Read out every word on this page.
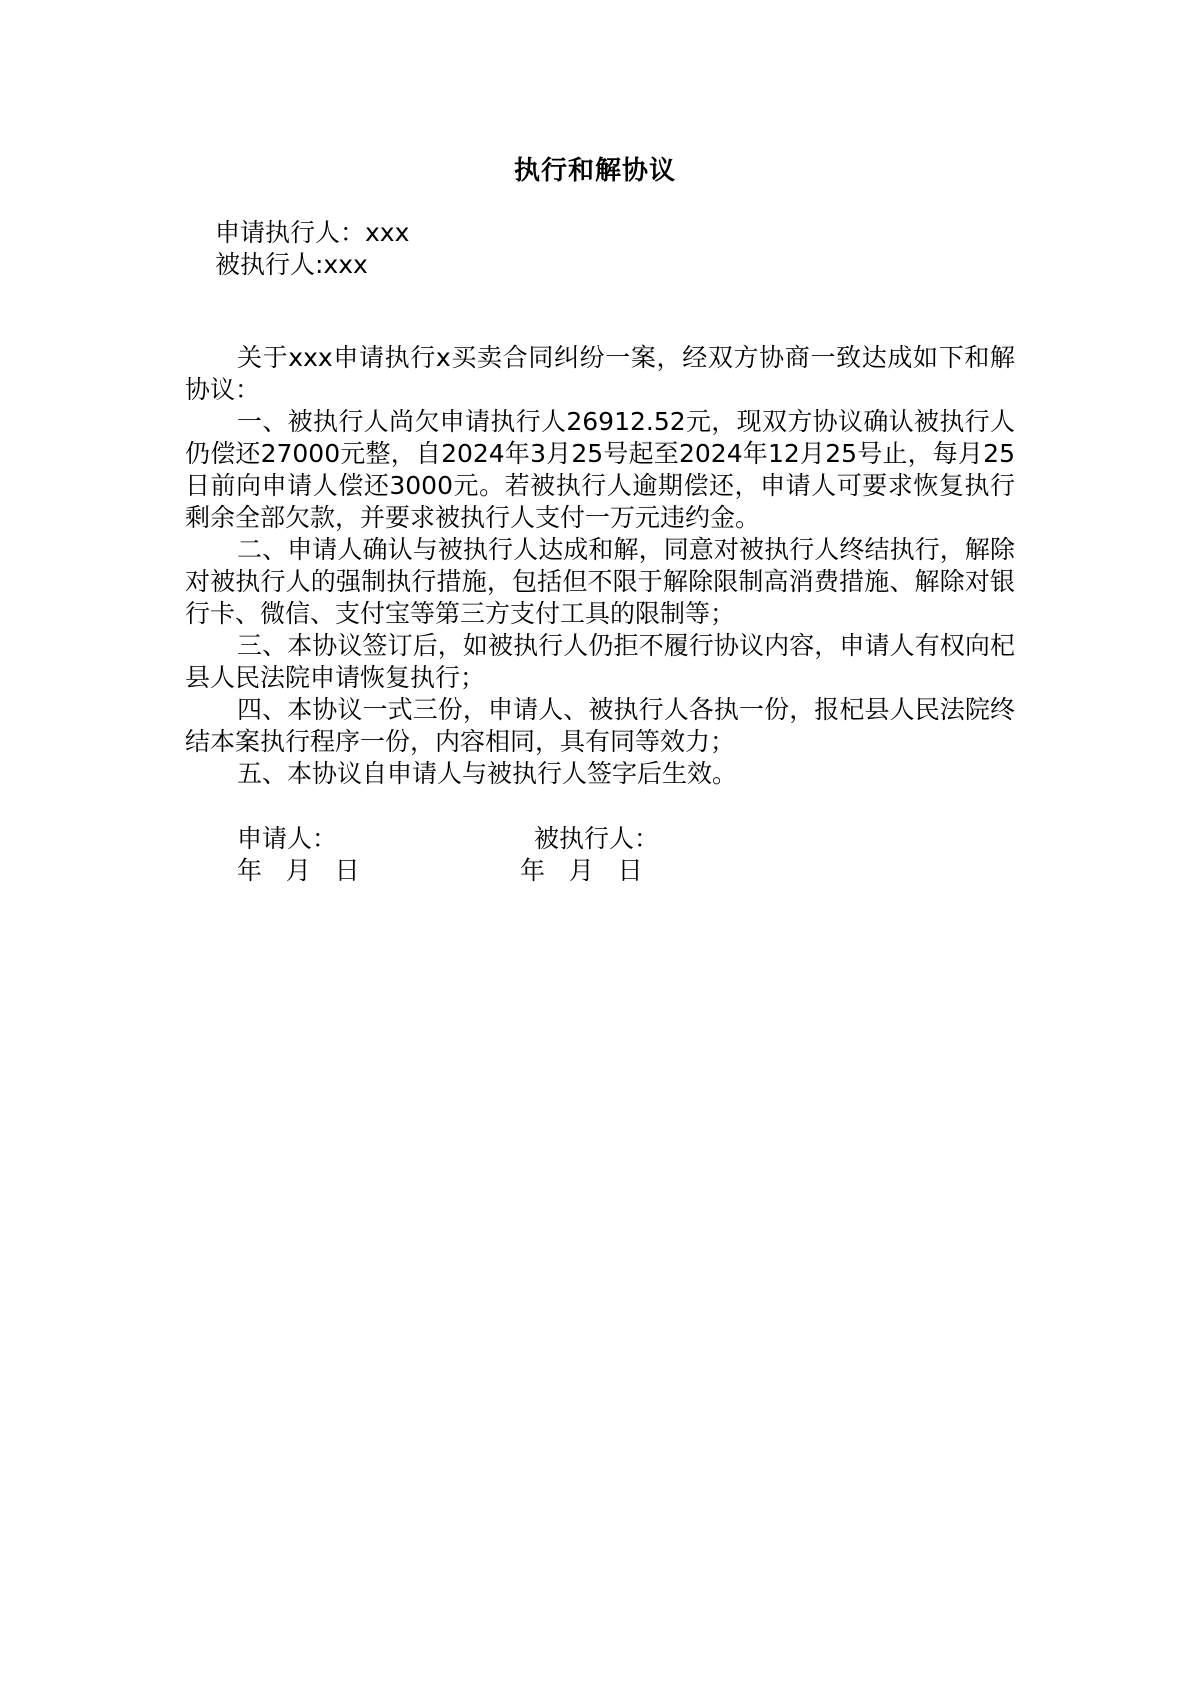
执行和解协议
申请执行人：xxx
被执行人:xxx

关于xxx申请执行x买卖合同纠纷一案，经双方协商一致达成如下和解协议：

一、被执行人尚欠申请执行人26912.52元，现双方协议确认被执行人仍偿还27000元整，自2024年3月25号起至2024年12月25号止，每月25日前向申请人偿还3000元。若被执行人逾期偿还，申请人可要求恢复执行剩余全部欠款，并要求被执行人支付一万元违约金。

二、申请人确认与被执行人达成和解，同意对被执行人终结执行，解除对被执行人的强制执行措施，包括但不限于解除限制高消费措施、解除对银行卡、微信、支付宝等第三方支付工具的限制等；

三、本协议签订后，如被执行人仍拒不履行协议内容，申请人有权向杞县人民法院申请恢复执行；

四、本协议一式三份，申请人、被执行人各执一份，报杞县人民法院终结本案执行程序一份，内容相同，具有同等效力；

五、本协议自申请人与被执行人签字后生效。

申请人：	被执行人：
年   月   日	年   月   日
